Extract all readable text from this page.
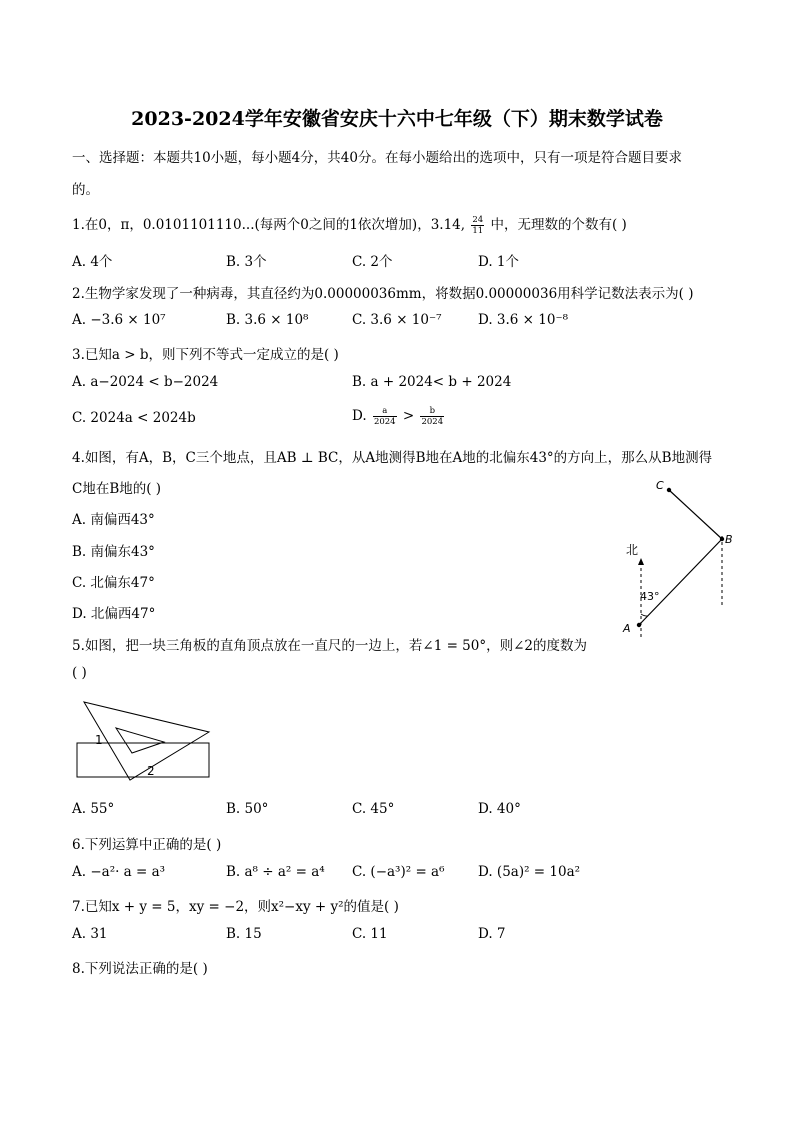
2023-2024学年安徽省安庆十六中七年级（下）期末数学试卷
一、选择题：本题共10小题，每小题4分，共40分。在每小题给出的选项中，只有一项是符合题目要求
的。
1.在0，π，0.0101101110...(每两个0之间的1依次增加)，3.14, $\frac{24}{11}$ 中，无理数的个数有( )
A. 4个	B. 3个	C. 2个	D. 1个
2.生物学家发现了一种病毒，其直径约为0.00000036mm，将数据0.00000036用科学记数法表示为( )
A. −3.6 × 10⁷	B. 3.6 × 10⁸	C. 3.6 × 10⁻⁷	D. 3.6 × 10⁻⁸
3.已知a > b，则下列不等式一定成立的是( )
A. a−2024 < b−2024	B. a + 2024< b + 2024
C. 2024a < 2024b	D. $\frac{a}{2024} > \frac{b}{2024}$
4.如图，有A，B，C三个地点，且AB ⊥ BC，从A地测得B地在A地的北偏东43°的方向上，那么从B地测得
C地在B地的( )
A. 南偏西43°
B. 南偏东43°
C. 北偏东47°
D. 北偏西47°
北
43°
A
B
C
5.如图，把一块三角板的直角顶点放在一直尺的一边上，若∠1 = 50°，则∠2的度数为
( )
1
2
A. 55°	B. 50°	C. 45°	D. 40°
6.下列运算中正确的是( )
A. −a²· a = a³	B. a⁸ ÷ a² = a⁴ C. (−a³)² = a⁶ D. (5a)² = 10a²
7.已知x + y = 5，xy = −2，则x²−xy + y²的值是( )
A. 31	B. 15	C. 11	D. 7
8.下列说法正确的是( )
